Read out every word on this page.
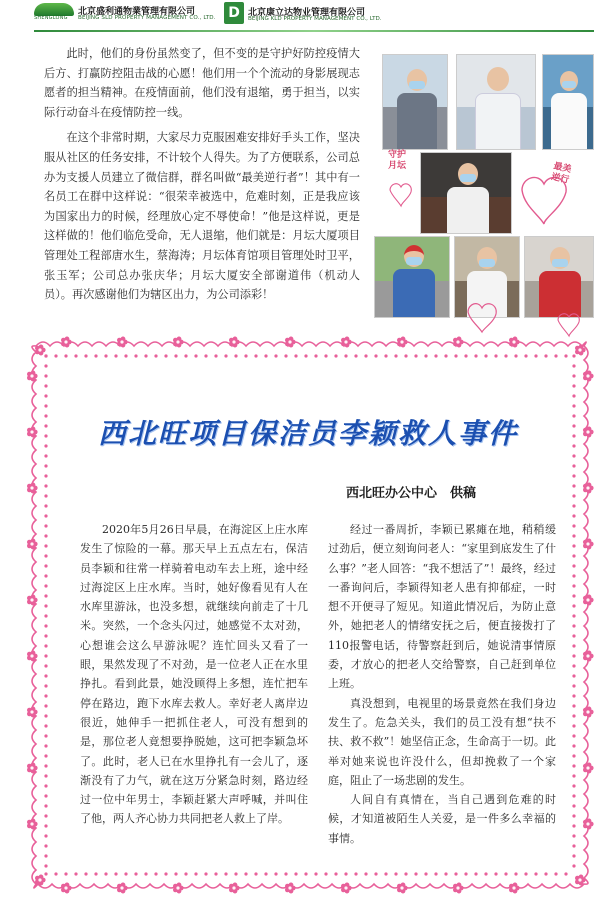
SHENGLONG
北京盛利通物業管理有限公司
BEIJING SLD PROPERTY MANAGEMENT CO., LTD. D 北京康立达物业管理有限公司
BEIJING KLD PROPERTY MANAGEMENT CO., LTD.

此时，他们的身份虽然变了，但不变的是守护好防控疫情大后方、打赢防控阻击战的心愿！他们用一个个流动的身影展现志愿者的担当精神。在疫情面前，他们没有退缩，勇于担当，以实际行动奋斗在疫情防控一线。

在这个非常时期，大家尽力克服困难安排好手头工作，坚决服从社区的任务安排，不计较个人得失。为了方便联系，公司总办为支援人员建立了微信群，群名叫做“最美逆行者”！其中有一名员工在群中这样说：“很荣幸被选中，危难时刻，正是我应该为国家出力的时候，经理放心定不辱使命！”他是这样说，更是这样做的！他们临危受命，无人退缩，他们就是：月坛大厦项目管理处工程部唐水生，蔡海涛；月坛体育馆项目管理处时卫平，张玉军；公司总办张庆华；月坛大厦安全部谢道伟（机动人员）。再次感谢他们为辖区出力，为公司添彩！

守护月坛	最美逆行
西北旺项目保洁员李颖救人事件
西北旺办公中心　供稿

2020年5月26日早晨，在海淀区上庄水库发生了惊险的一幕。那天早上五点左右，保洁员李颖和往常一样骑着电动车去上班，途中经过海淀区上庄水库。当时，她好像看见有人在水库里游泳，也没多想，就继续向前走了十几米。突然，一个念头闪过，她感觉不太对劲，心想谁会这么早游泳呢？连忙回头又看了一眼，果然发现了不对劲，是一位老人正在水里挣扎。看到此景，她没顾得上多想，连忙把车停在路边，跑下水库去救人。幸好老人离岸边很近，她伸手一把抓住老人，可没有想到的是，那位老人竟想要挣脱她，这可把李颖急坏了。此时，老人已在水里挣扎有一会儿了，逐渐没有了力气，就在这万分紧急时刻，路边经过一位中年男士，李颖赶紧大声呼喊，并叫住了他，两人齐心协力共同把老人救上了岸。

经过一番周折，李颖已累瘫在地，稍稍缓过劲后，便立刻询问老人：“家里到底发生了什么事？”老人回答：“我不想活了”！最终，经过一番询问后，李颖得知老人患有抑郁症，一时想不开便寻了短见。知道此情况后，为防止意外，她把老人的情绪安抚之后，便直接拨打了110报警电话，待警察赶到后，她说清事情原委，才放心的把老人交给警察，自己赶到单位上班。

真没想到，电视里的场景竟然在我们身边发生了。危急关头，我们的员工没有想“扶不扶、救不救”！她坚信正念，生命高于一切。此举对她来说也许没什么，但却挽救了一个家庭，阻止了一场悲剧的发生。

人间自有真情在，当自己遇到危难的时候，才知道被陌生人关爱，是一件多么幸福的事情。
